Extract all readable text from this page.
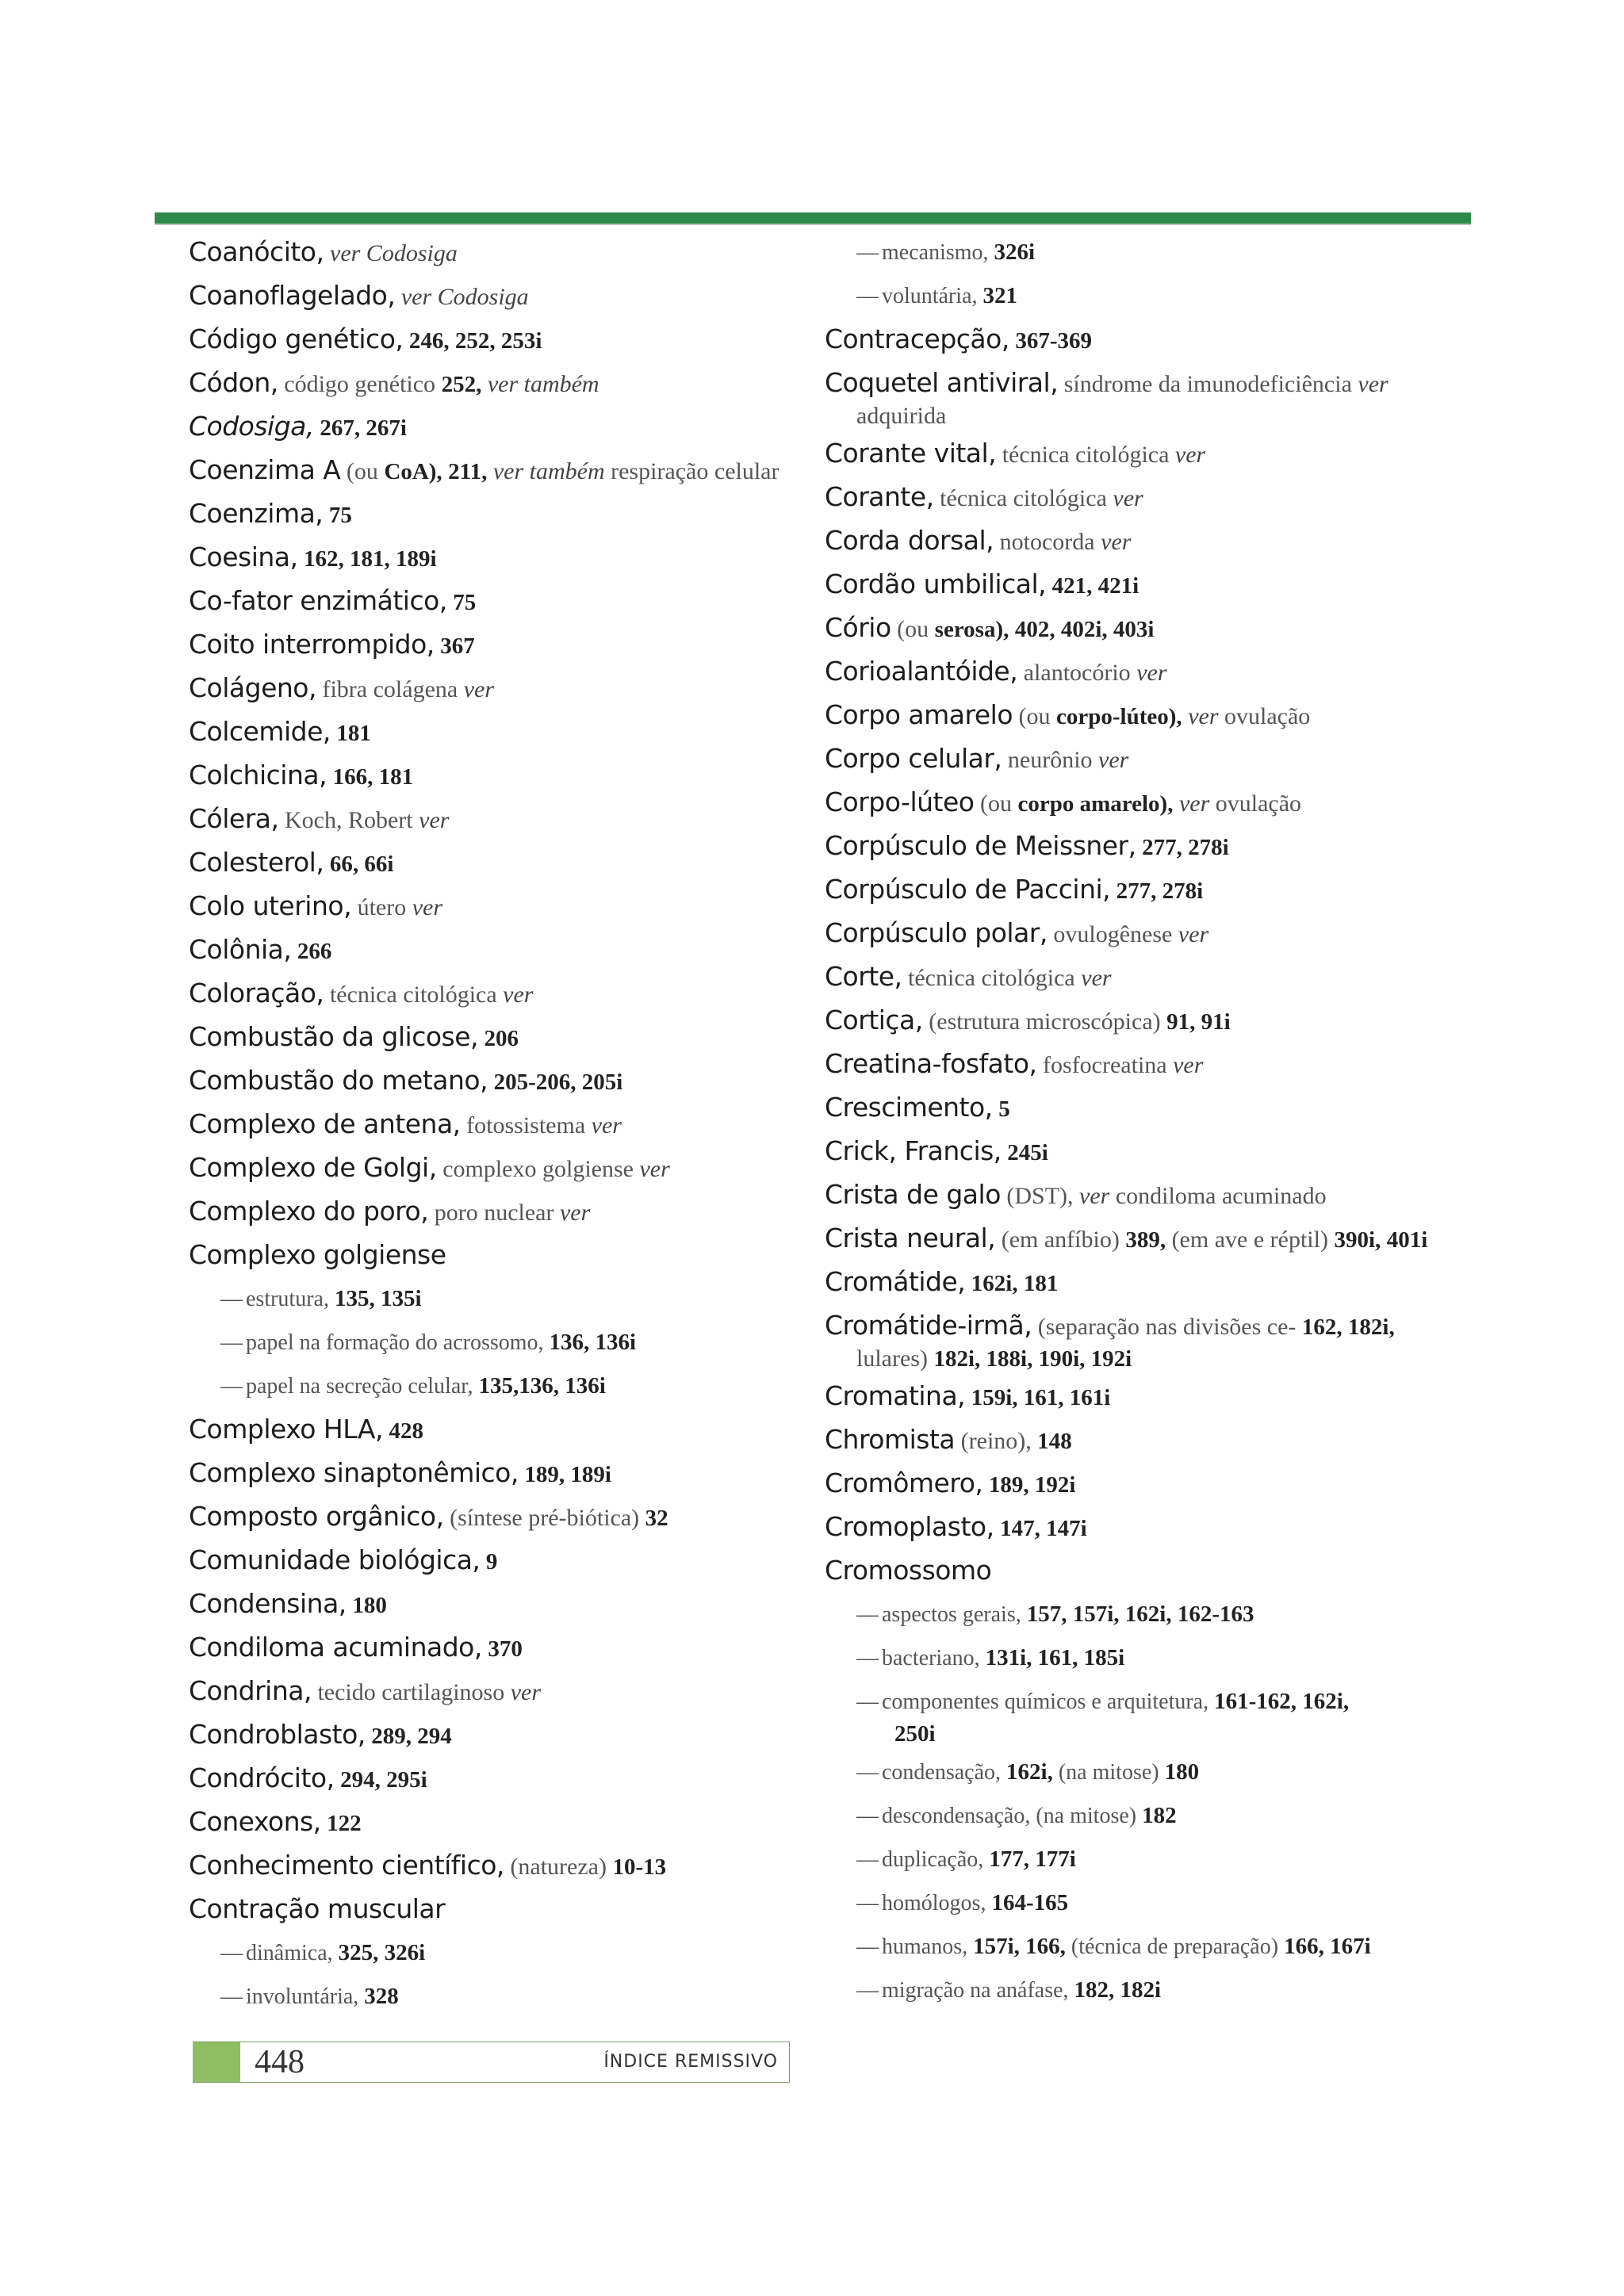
Coanócito, ver Codosiga
Coanoflagelado, ver Codosiga
Código genético, 246, 252, 253i
Códon, código genético 252, ver também
Codosiga, 267, 267i
Coenzima A (ou CoA), 211, ver também respiração celular
Coenzima, 75
Coesina, 162, 181, 189i
Co-fator enzimático, 75
Coito interrompido, 367
Colágeno, fibra colágena ver
Colcemide, 181
Colchicina, 166, 181
Cólera, Koch, Robert ver
Colesterol, 66, 66i
Colo uterino, útero ver
Colônia, 266
Coloração, técnica citológica ver
Combustão da glicose, 206
Combustão do metano, 205-206, 205i
Complexo de antena, fotossistema ver
Complexo de Golgi, complexo golgiense ver
Complexo do poro, poro nuclear ver
Complexo golgiense
— estrutura, 135, 135i
— papel na formação do acrossomo, 136, 136i
— papel na secreção celular, 135,136, 136i
Complexo HLA, 428
Complexo sinaptonêmico, 189, 189i
Composto orgânico, (síntese pré-biótica) 32
Comunidade biológica, 9
Condensina, 180
Condiloma acuminado, 370
Condrina, tecido cartilaginoso ver
Condroblasto, 289, 294
Condrócito, 294, 295i
Conexons, 122
Conhecimento científico, (natureza) 10-13
Contração muscular
— dinâmica, 325, 326i
— involuntária, 328
— mecanismo, 326i
— voluntária, 321
Contracepção, 367-369
Coquetel antiviral, síndrome da imunodeficiência ver
adquirida
Corante vital, técnica citológica ver
Corante, técnica citológica ver
Corda dorsal, notocorda ver
Cordão umbilical, 421, 421i
Cório (ou serosa), 402, 402i, 403i
Corioalantóide, alantocório ver
Corpo amarelo (ou corpo-lúteo), ver ovulação
Corpo celular, neurônio ver
Corpo-lúteo (ou corpo amarelo), ver ovulação
Corpúsculo de Meissner, 277, 278i
Corpúsculo de Paccini, 277, 278i
Corpúsculo polar, ovulogênese ver
Corte, técnica citológica ver
Cortiça, (estrutura microscópica) 91, 91i
Creatina-fosfato, fosfocreatina ver
Crescimento, 5
Crick, Francis, 245i
Crista de galo (DST), ver condiloma acuminado
Crista neural, (em anfíbio) 389, (em ave e réptil) 390i, 401i
Cromátide, 162i, 181
Cromátide-irmã, (separação nas divisões ce- 162, 182i,
lulares) 182i, 188i, 190i, 192i
Cromatina, 159i, 161, 161i
Chromista (reino), 148
Cromômero, 189, 192i
Cromoplasto, 147, 147i
Cromossomo
— aspectos gerais, 157, 157i, 162i, 162-163
— bacteriano, 131i, 161, 185i
— componentes químicos e arquitetura, 161-162, 162i,
250i
— condensação, 162i, (na mitose) 180
— descondensação, (na mitose) 182
— duplicação, 177, 177i
— homólogos, 164-165
— humanos, 157i, 166, (técnica de preparação) 166, 167i
— migração na anáfase, 182, 182i
448	ÍNDICE REMISSIVO
